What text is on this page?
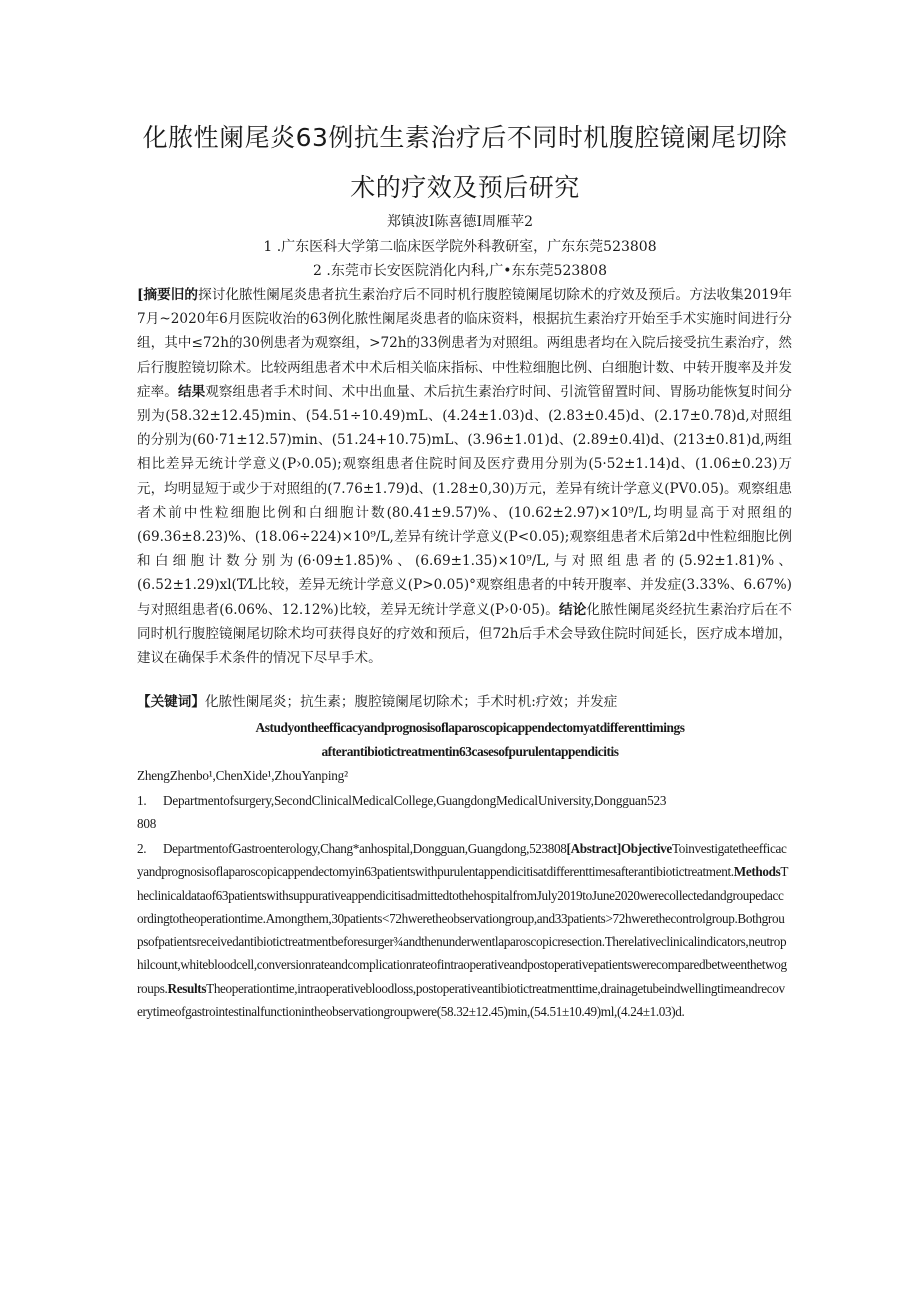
化脓性阑尾炎63例抗生素治疗后不同时机腹腔镜阑尾切除
术的疗效及预后研究
郑镇波I陈喜德I周雁苹2
1 .广东医科大学第二临床医学院外科教研室，广东东莞523808
2 .东莞市长安医院消化内科,广•东东莞523808

[摘要旧的探讨化脓性阑尾炎患者抗生素治疗后不同时机行腹腔镜阑尾切除术的疗效及预后。方法收集2019年7月~2020年6月医院收治的63例化脓性阑尾炎患者的临床资料，根据抗生素治疗开始至手术实施时间进行分组，其中≤72h的30例患者为观察组，>72h的33例患者为对照组。两组患者均在入院后接受抗生素治疗，然后行腹腔镜切除术。比较两组患者术中术后相关临床指标、中性粒细胞比例、白细胞计数、中转开腹率及并发症率。结果观察组患者手术时间、术中出血量、术后抗生素治疗时间、引流管留置时间、胃肠功能恢复时间分别为(58.32±12.45)min、(54.51÷10.49)mL、(4.24±1.03)d、(2.83±0.45)d、(2.17±0.78)d,对照组的分别为(60·71±12.57)min、(51.24+10.75)mL、(3.96±1.01)d、(2.89±0.4l)d、(213±0.81)d,两组相比差异无统计学意义(P›0.05);观察组患者住院时间及医疗费用分别为(5·52±1.14)d、(1.06±0.23)万元，均明显短于或少于对照组的(7.76±1.79)d、(1.28±0,30)万元，差异有统计学意义(PV0.05)。观察组患者术前中性粒细胞比例和白细胞计数(80.41±9.57)%、(10.62±2.97)×10⁹/L,均明显高于对照组的(69.36±8.23)%、(18.06÷224)×10⁹/L,差异有统计学意义(P<0.05);观察组患者术后第2d中性粒细胞比例和白细胞计数分别为(6·09±1.85)%、(6.69±1.35)×10⁹/L,与对照组患者的(5.92±1.81)%、(6.52±1.29)xl(T⁄L比较，差异无统计学意义(P>0.05)°观察组患者的中转开腹率、并发症(3.33%、6.67%)与对照组患者(6.06%、12.12%)比较，差异无统计学意义(P›0·05)。结论化脓性阑尾炎经抗生素治疗后在不同时机行腹腔镜阑尾切除术均可获得良好的疗效和预后，但72h后手术会导致住院时间延长，医疗成本增加，建议在确保手术条件的情况下尽早手术。

【关键词】化脓性阑尾炎；抗生素；腹腔镜阑尾切除术；手术时机:疗效；并发症
Astudyontheefficacyandprognosisoflaparoscopicappendectomyatdifferenttimings
afterantibiotictreatmentin63casesofpurulentappendicitis
ZhengZhenbo¹,ChenXide¹,ZhouYanping²
1. Departmentofsurgery,SecondClinicalMedicalCollege,GuangdongMedicalUniversity,Dongguan523
808

2. DepartmentofGastroenterology,Chang*anhospital,Dongguan,Guangdong,523808[Abstract]ObjectiveToinvestigatetheefficacyandprognosisoflaparoscopicappendectomyin63patientswithpurulentappendicitisatdifferenttimesafterantibiotictreatment.MethodsTheclinicaldataof63patientswithsuppurativeappendicitisadmittedtothehospitalfromJuly2019toJune2020werecollectedandgroupedaccordingtotheoperationtime.Amongthem,30patients<72hweretheobservationgroup,and33patients>72hwerethecontrolgroup.Bothgroupsofpatientsreceivedantibiotictreatmentbeforesurger¾andthenunderwentlaparoscopicresection.Therelativeclinicalindicators,neutrophilcount,whitebloodcell,conversionrateandcomplicationrateofintraoperativeandpostoperativepatientswerecomparedbetweenthetwogroups.ResultsTheoperationtime,intraoperativebloodloss,postoperativeantibiotictreatmenttime,drainagetubeindwellingtimeandrecoverytimeofgastrointestinalfunctionintheobservationgroupwere(58.32±12.45)min,(54.51±10.49)ml,(4.24±1.03)d.
